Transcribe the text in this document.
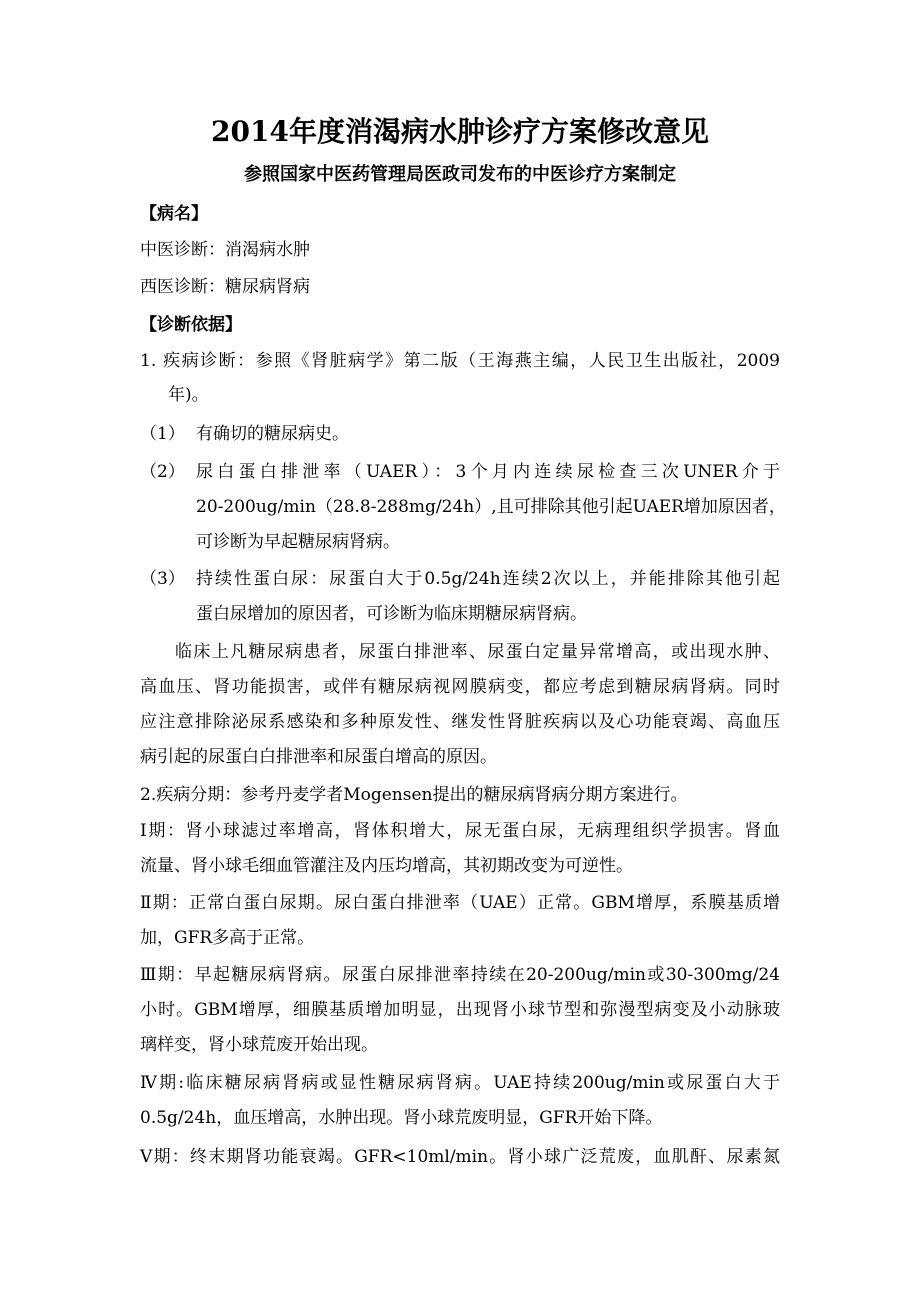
2014年度消渴病水肿诊疗方案修改意见
参照国家中医药管理局医政司发布的中医诊疗方案制定
【病名】
中医诊断：消渴病水肿
西医诊断：糖尿病肾病
【诊断依据】
1. 疾病诊断：参照《肾脏病学》第二版（王海燕主编，人民卫生出版社，2009
年)。
（1） 有确切的糖尿病史。
（2） 尿白蛋白排泄率（UAER）：3个月内连续尿检查三次UNER介于
20-200ug/min（28.8-288mg/24h）,且可排除其他引起UAER增加原因者，
可诊断为早起糖尿病肾病。
（3） 持续性蛋白尿：尿蛋白大于0.5g/24h连续2次以上，并能排除其他引起
蛋白尿增加的原因者，可诊断为临床期糖尿病肾病。
临床上凡糖尿病患者，尿蛋白排泄率、尿蛋白定量异常增高，或出现水肿、
高血压、肾功能损害，或伴有糖尿病视网膜病变，都应考虑到糖尿病肾病。同时
应注意排除泌尿系感染和多种原发性、继发性肾脏疾病以及心功能衰竭、高血压
病引起的尿蛋白白排泄率和尿蛋白增高的原因。
2.疾病分期：参考丹麦学者Mogensen提出的糖尿病肾病分期方案进行。
Ⅰ期：肾小球滤过率增高，肾体积增大，尿无蛋白尿，无病理组织学损害。肾血
流量、肾小球毛细血管灌注及内压均增高，其初期改变为可逆性。
Ⅱ期：正常白蛋白尿期。尿白蛋白排泄率（UAE）正常。GBM增厚，系膜基质增
加，GFR多高于正常。
Ⅲ期：早起糖尿病肾病。尿蛋白尿排泄率持续在20-200ug/min或30-300mg/24
小时。GBM增厚，细膜基质增加明显，出现肾小球节型和弥漫型病变及小动脉玻
璃样变，肾小球荒废开始出现。
Ⅳ期:临床糖尿病肾病或显性糖尿病肾病。UAE持续200ug/min或尿蛋白大于
0.5g/24h，血压增高，水肿出现。肾小球荒废明显，GFR开始下降。
Ⅴ期：终末期肾功能衰竭。GFR<10ml/min。肾小球广泛荒废，血肌酐、尿素氮
